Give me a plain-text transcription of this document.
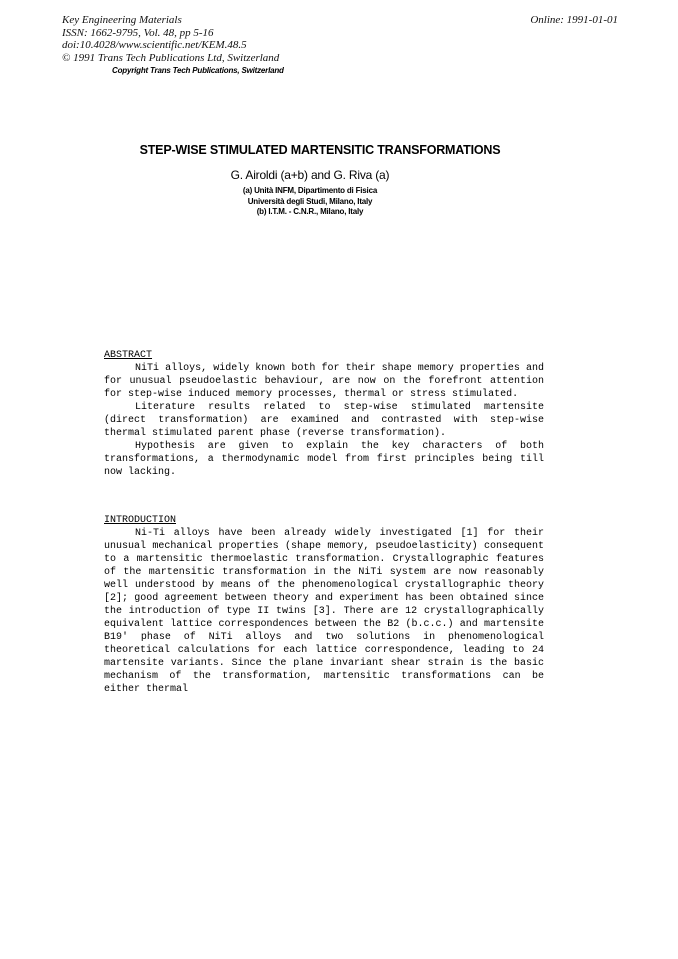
Key Engineering Materials
ISSN: 1662-9795, Vol. 48, pp 5-16
doi:10.4028/www.scientific.net/KEM.48.5
© 1991 Trans Tech Publications Ltd, Switzerland
Online: 1991-01-01
Copyright Trans Tech Publications, Switzerland
STEP-WISE STIMULATED MARTENSITIC TRANSFORMATIONS
G. Airoldi (a+b) and G. Riva (a)
(a) Unità INFM, Dipartimento di Fisica
Università degli Studi, Milano, Italy
(b) I.T.M. - C.N.R., Milano, Italy
ABSTRACT

NiTi alloys, widely known both for their shape memory properties and for unusual pseudoelastic behaviour, are now on the forefront attention for step-wise induced memory processes, thermal or stress stimulated.

Literature results related to step-wise stimulated martensite (direct transformation) are examined and contrasted with step-wise thermal stimulated parent phase (reverse transformation).

Hypothesis are given to explain the key characters of both transformations, a thermodynamic model from first principles being till now lacking.

INTRODUCTION

Ni-Ti alloys have been already widely investigated [1] for their unusual mechanical properties (shape memory, pseudoelasticity) consequent to a martensitic thermoelastic transformation. Crystallographic features of the martensitic transformation in the NiTi system are now reasonably well understood by means of the phenomenological crystallographic theory [2]; good agreement between theory and experiment has been obtained since the introduction of type II twins [3]. There are 12 crystallographically equivalent lattice correspondences between the B2 (b.c.c.) and martensite B19' phase of NiTi alloys and two solutions in phenomenological theoretical calculations for each lattice correspondence, leading to 24 martensite variants. Since the plane invariant shear strain is the basic mechanism of the transformation, martensitic transformations can be either thermal
